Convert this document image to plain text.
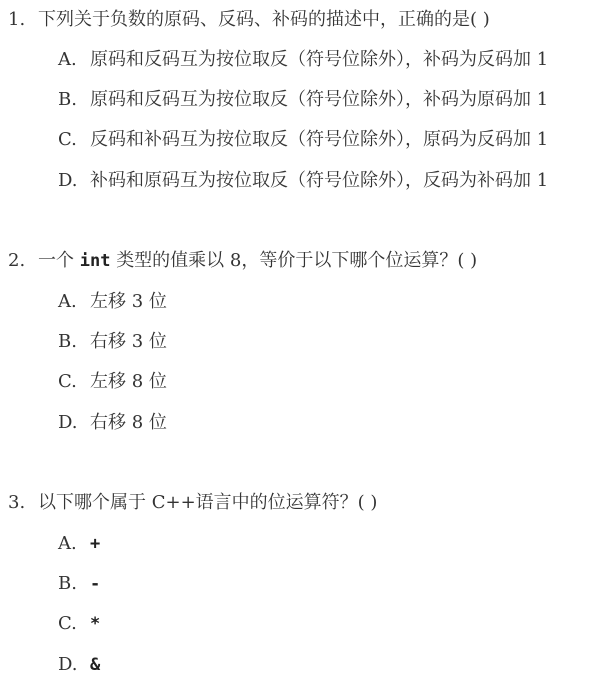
1. 下列关于负数的原码、反码、补码的描述中，正确的是( )
A. 原码和反码互为按位取反（符号位除外），补码为反码加 1
B. 原码和反码互为按位取反（符号位除外），补码为原码加 1
C. 反码和补码互为按位取反（符号位除外），原码为反码加 1
D. 补码和原码互为按位取反（符号位除外），反码为补码加 1
2. 一个 int 类型的值乘以 8，等价于以下哪个位运算？( )
A. 左移 3 位
B. 右移 3 位
C. 左移 8 位
D. 右移 8 位
3. 以下哪个属于 C++语言中的位运算符？( )
A. +
B. -
C. *
D. &
